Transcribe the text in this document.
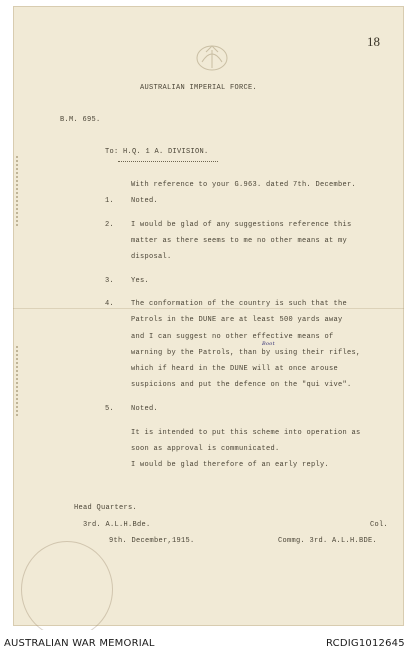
18
AUSTRALIAN IMPERIAL FORCE.
B.M. 695.
To: H.Q. 1 A. DIVISION.
With reference to your G.963. dated 7th. December.
1. Noted.
2. I would be glad of any suggestions reference this
matter as there seems to me no other means at my
disposal.
3. Yes.
4. The conformation of the country is such that the
Patrols in the DUNE are at least 500 yards away
and I can suggest no other effective means of
Boot
warning by the Patrols, than by using their rifles,
which if heard in the DUNE will at once arouse
suspicions and put the defence on the "qui vive".
5. Noted.
It is intended to put this scheme into operation as
soon as approval is communicated.
I would be glad therefore of an early reply.
Head Quarters.
3rd. A.L.H.Bde.	Col.
9th. December,1915.	Commg. 3rd. A.L.H.BDE.
AUSTRALIAN WAR MEMORIAL	RCDIG1012645
